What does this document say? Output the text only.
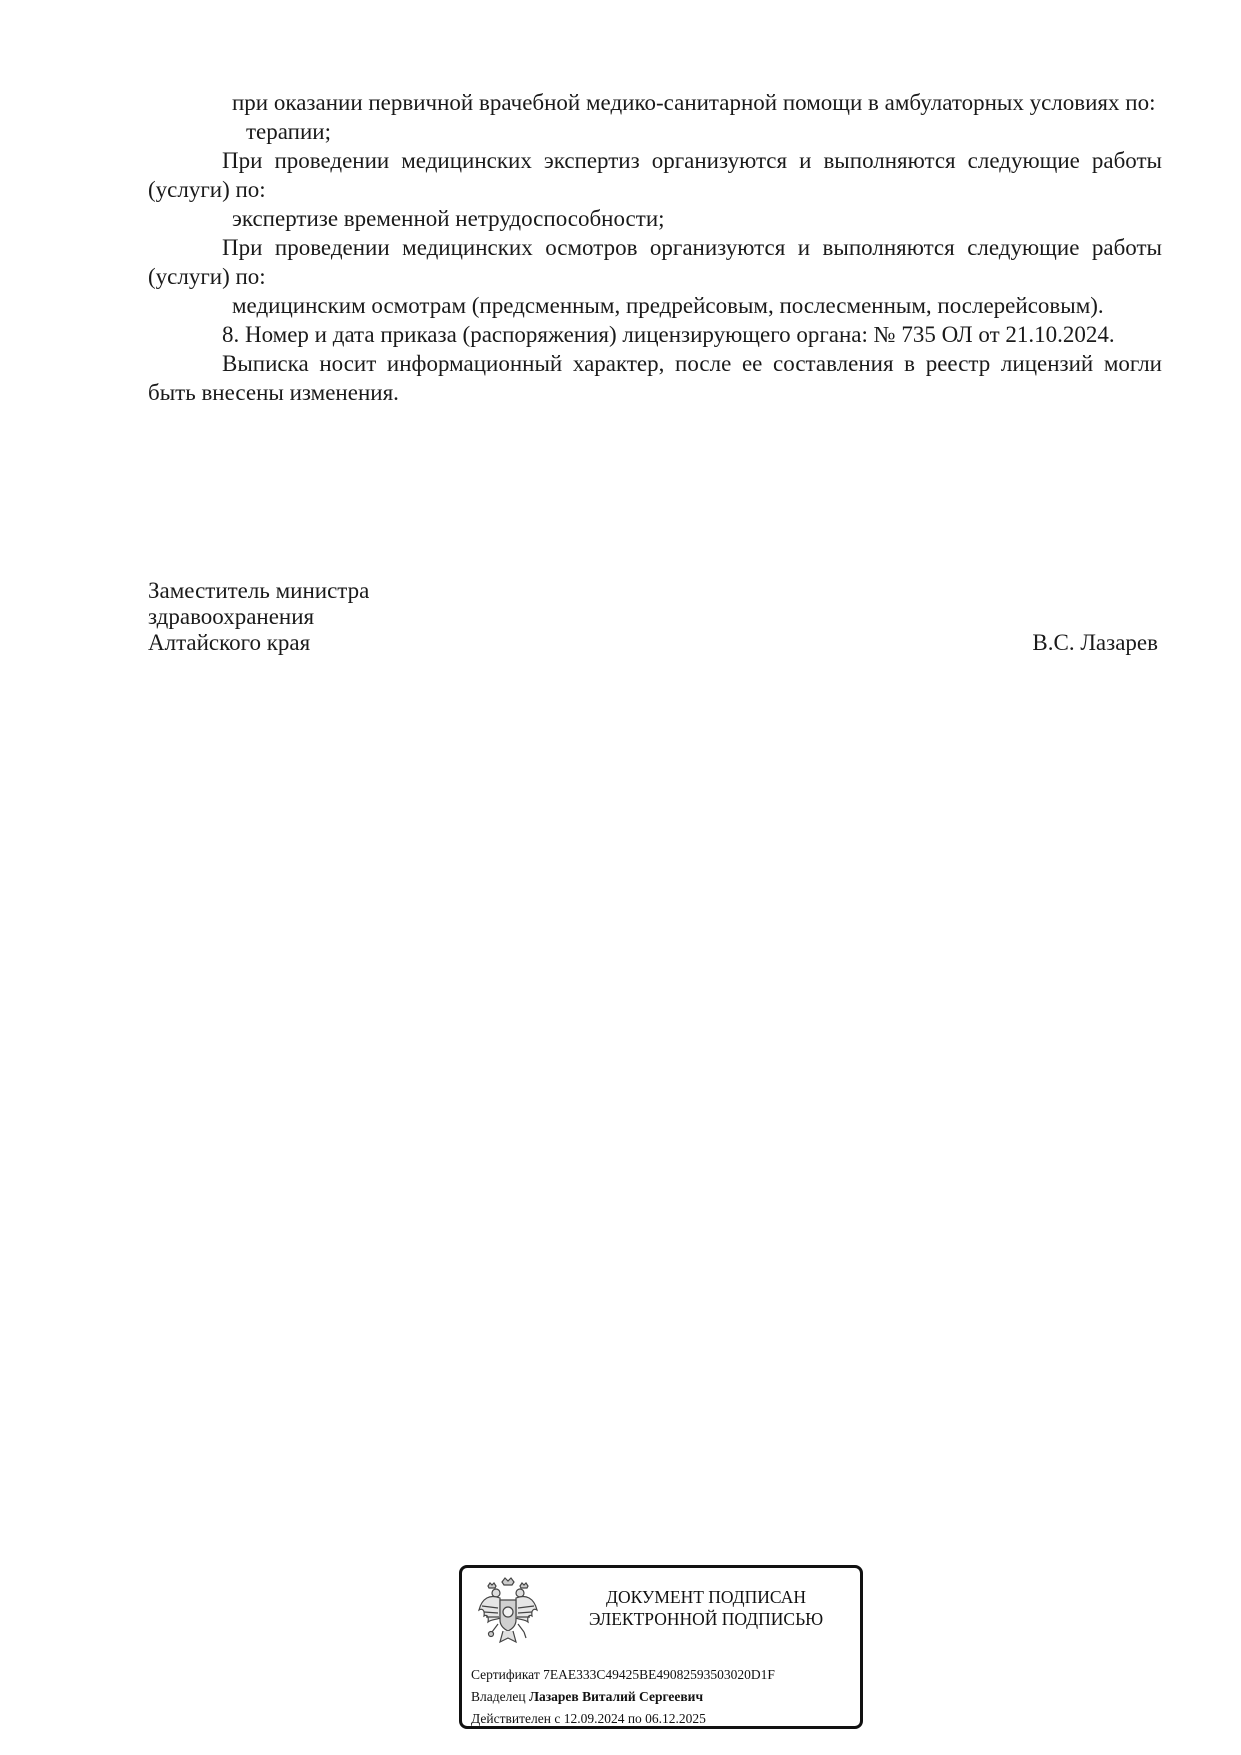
при оказании первичной врачебной медико-санитарной помощи в амбулаторных условиях по:

терапии;

При проведении медицинских экспертиз организуются и выполняются следующие работы (услуги) по:

экспертизе временной нетрудоспособности;

При проведении медицинских осмотров организуются и выполняются следующие работы (услуги) по:

медицинским осмотрам (предсменным, предрейсовым, послесменным, послерейсовым).

8. Номер и дата приказа (распоряжения) лицензирующего органа: № 735 ОЛ от 21.10.2024.

Выписка носит информационный характер, после ее составления в реестр лицензий могли быть внесены изменения.

Заместитель министра
здравоохранения
Алтайского края	В.С. Лазарев
ДОКУМЕНТ ПОДПИСАН
ЭЛЕКТРОННОЙ ПОДПИСЬЮ
Сертификат 7EAE333C49425BE49082593503020D1F
Владелец Лазарев Виталий Сергеевич
Действителен с 12.09.2024 по 06.12.2025
